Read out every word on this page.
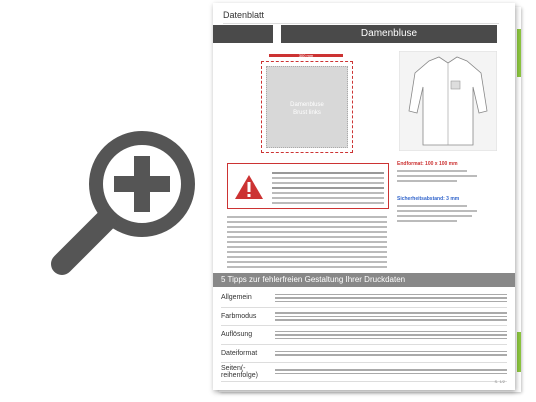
Datenblatt
Damenbluse
300 mm
Damenbluse
Brust links
Endformat: 100 x 100 mm
Sicherheitsabstand: 3 mm
5 Tipps zur fehlerfreien Gestaltung Ihrer Druckdaten
Allgemein
Farbmodus
Auflösung
Dateiformat
Seiten(-reihenfolge)
S. 1/2
